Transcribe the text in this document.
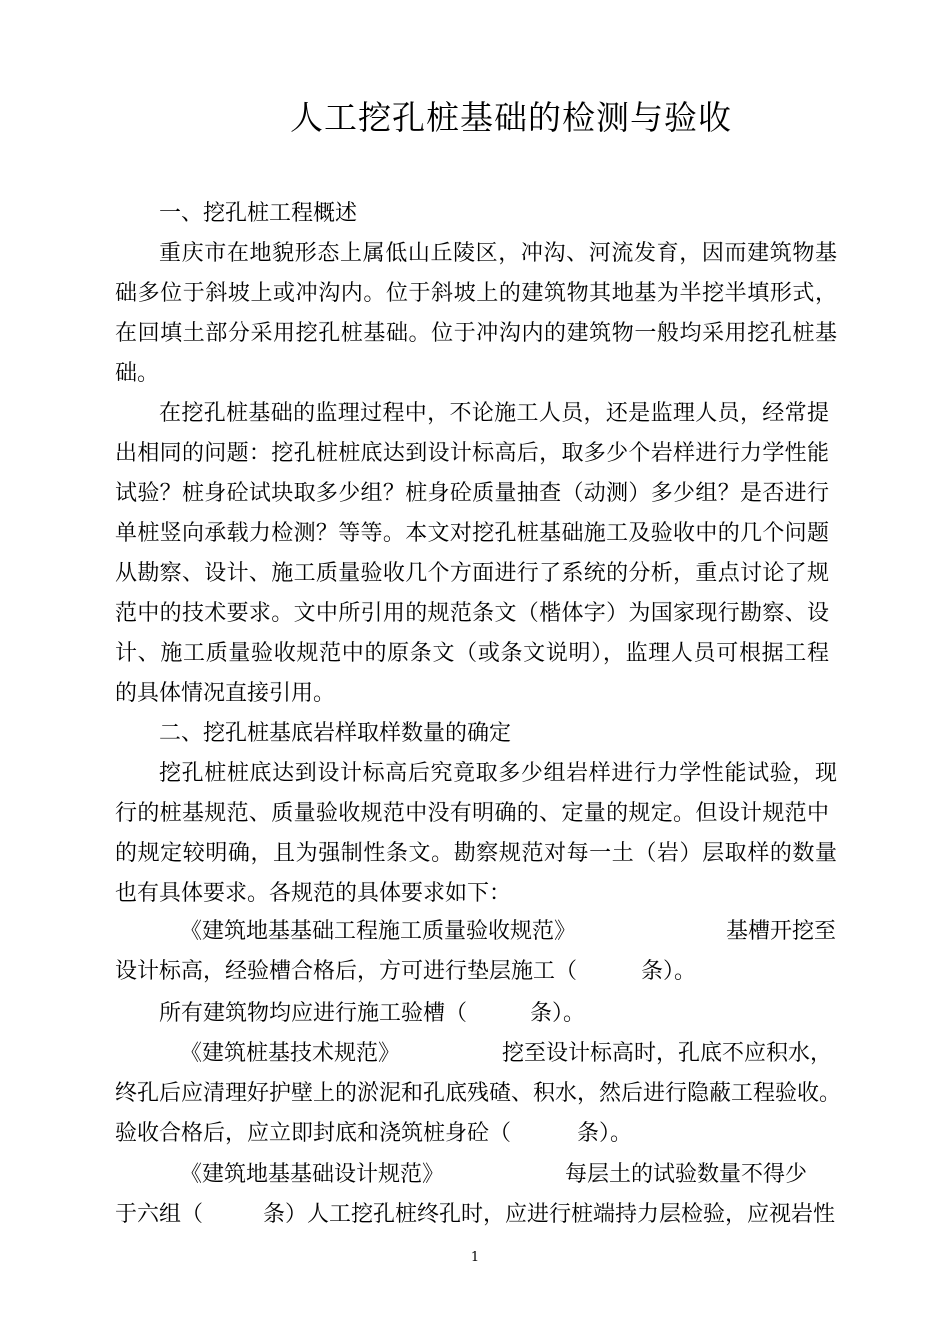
人工挖孔桩基础的检测与验收
一、挖孔桩工程概述
重庆市在地貌形态上属低山丘陵区，冲沟、河流发育，因而建筑物基
础多位于斜坡上或冲沟内。位于斜坡上的建筑物其地基为半挖半填形式，
在回填土部分采用挖孔桩基础。位于冲沟内的建筑物一般均采用挖孔桩基
础。
在挖孔桩基础的监理过程中，不论施工人员，还是监理人员，经常提
出相同的问题：挖孔桩桩底达到设计标高后，取多少个岩样进行力学性能
试验？桩身砼试块取多少组？桩身砼质量抽查（动测）多少组？是否进行
单桩竖向承载力检测？等等。本文对挖孔桩基础施工及验收中的几个问题
从勘察、设计、施工质量验收几个方面进行了系统的分析，重点讨论了规
范中的技术要求。文中所引用的规范条文（楷体字）为国家现行勘察、设
计、施工质量验收规范中的原条文（或条文说明），监理人员可根据工程
的具体情况直接引用。
二、挖孔桩基底岩样取样数量的确定
挖孔桩桩底达到设计标高后究竟取多少组岩样进行力学性能试验，现
行的桩基规范、质量验收规范中没有明确的、定量的规定。但设计规范中
的规定较明确，且为强制性条文。勘察规范对每一土（岩）层取样的数量
也有具体要求。各规范的具体要求如下：
《建筑地基基础工程施工质量验收规范》	基槽开挖至
设计标高，经验槽合格后，方可进行垫层施工（	条）。
所有建筑物均应进行施工验槽（	条）。
《建筑桩基技术规范》	挖至设计标高时，孔底不应积水，
终孔后应清理好护壁上的淤泥和孔底残碴、积水，然后进行隐蔽工程验收。
验收合格后，应立即封底和浇筑桩身砼（	条）。
《建筑地基基础设计规范》	每层土的试验数量不得少
于六组（	条）人工挖孔桩终孔时，应进行桩端持力层检验，应视岩性
1
